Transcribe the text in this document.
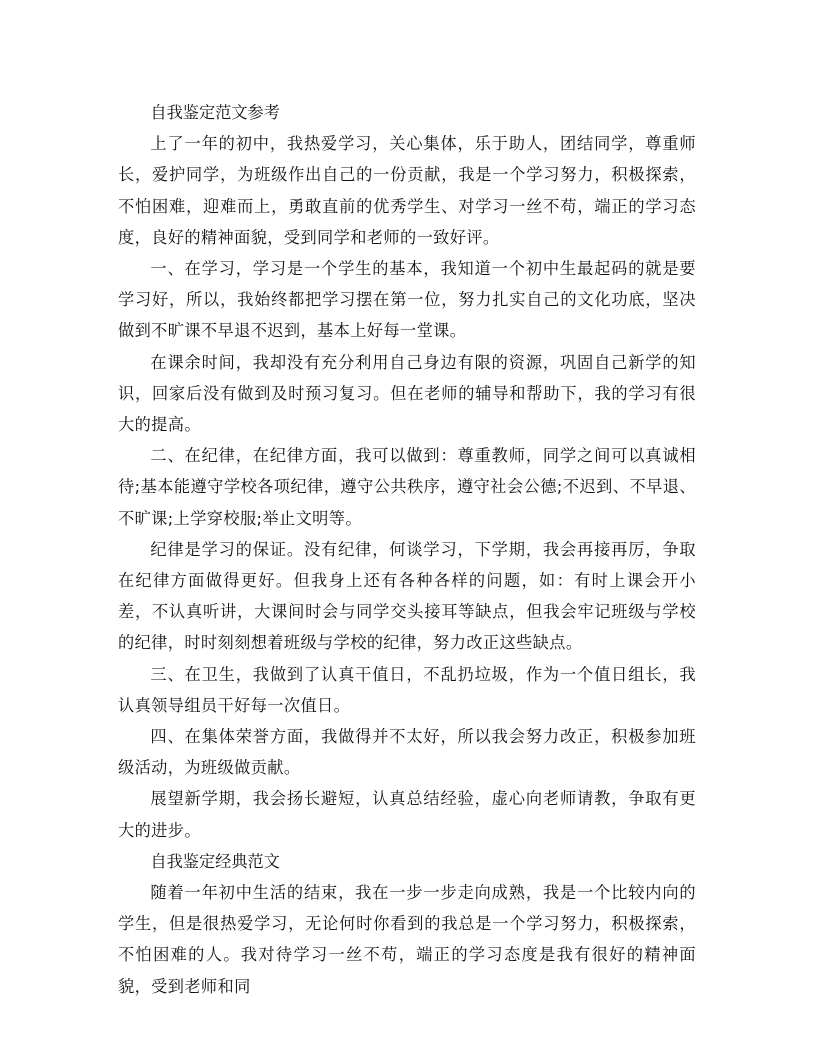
自我鉴定范文参考

上了一年的初中，我热爱学习，关心集体，乐于助人，团结同学，尊重师长，爱护同学，为班级作出自己的一份贡献，我是一个学习努力，积极探索，不怕困难，迎难而上，勇敢直前的优秀学生、对学习一丝不苟，端正的学习态度，良好的精神面貌，受到同学和老师的一致好评。

一、在学习，学习是一个学生的基本，我知道一个初中生最起码的就是要学习好，所以，我始终都把学习摆在第一位，努力扎实自己的文化功底，坚决做到不旷课不早退不迟到，基本上好每一堂课。

在课余时间，我却没有充分利用自己身边有限的资源，巩固自己新学的知识，回家后没有做到及时预习复习。但在老师的辅导和帮助下，我的学习有很大的提高。

二、在纪律，在纪律方面，我可以做到：尊重教师，同学之间可以真诚相待;基本能遵守学校各项纪律，遵守公共秩序，遵守社会公德;不迟到、不早退、不旷课;上学穿校服;举止文明等。

纪律是学习的保证。没有纪律，何谈学习，下学期，我会再接再厉，争取在纪律方面做得更好。但我身上还有各种各样的问题，如：有时上课会开小差，不认真听讲，大课间时会与同学交头接耳等缺点，但我会牢记班级与学校的纪律，时时刻刻想着班级与学校的纪律，努力改正这些缺点。

三、在卫生，我做到了认真干值日，不乱扔垃圾，作为一个值日组长，我认真领导组员干好每一次值日。

四、在集体荣誉方面，我做得并不太好，所以我会努力改正，积极参加班级活动，为班级做贡献。

展望新学期，我会扬长避短，认真总结经验，虚心向老师请教，争取有更大的进步。

自我鉴定经典范文

随着一年初中生活的结束，我在一步一步走向成熟，我是一个比较内向的学生，但是很热爱学习，无论何时你看到的我总是一个学习努力，积极探索，不怕困难的人。我对待学习一丝不苟，端正的学习态度是我有很好的精神面貌，受到老师和同
